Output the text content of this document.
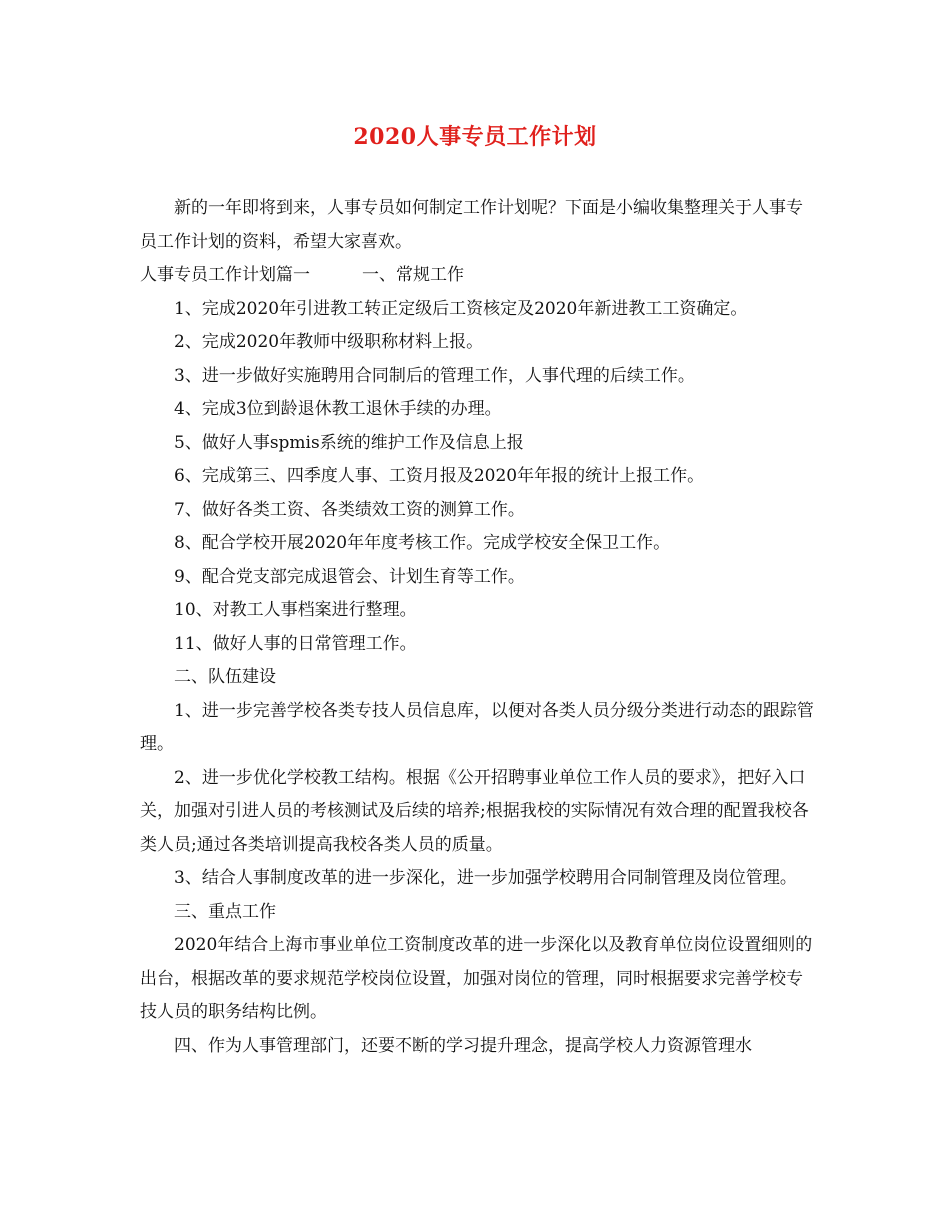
2020人事专员工作计划

新的一年即将到来，人事专员如何制定工作计划呢？下面是小编收集整理关于人事专员工作计划的资料，希望大家喜欢。

人事专员工作计划篇一	一、常规工作

1、完成2020年引进教工转正定级后工资核定及2020年新进教工工资确定。

2、完成2020年教师中级职称材料上报。

3、进一步做好实施聘用合同制后的管理工作，人事代理的后续工作。

4、完成3位到龄退休教工退休手续的办理。

5、做好人事spmis系统的维护工作及信息上报

6、完成第三、四季度人事、工资月报及2020年年报的统计上报工作。

7、做好各类工资、各类绩效工资的测算工作。

8、配合学校开展2020年年度考核工作。完成学校安全保卫工作。

9、配合党支部完成退管会、计划生育等工作。

10、对教工人事档案进行整理。

11、做好人事的日常管理工作。

二、队伍建设

1、进一步完善学校各类专技人员信息库，以便对各类人员分级分类进行动态的跟踪管理。

2、进一步优化学校教工结构。根据《公开招聘事业单位工作人员的要求》，把好入口关，加强对引进人员的考核测试及后续的培养;根据我校的实际情况有效合理的配置我校各类人员;通过各类培训提高我校各类人员的质量。

3、结合人事制度改革的进一步深化，进一步加强学校聘用合同制管理及岗位管理。

三、重点工作

2020年结合上海市事业单位工资制度改革的进一步深化以及教育单位岗位设置细则的出台，根据改革的要求规范学校岗位设置，加强对岗位的管理，同时根据要求完善学校专技人员的职务结构比例。

四、作为人事管理部门，还要不断的学习提升理念，提高学校人力资源管理水
